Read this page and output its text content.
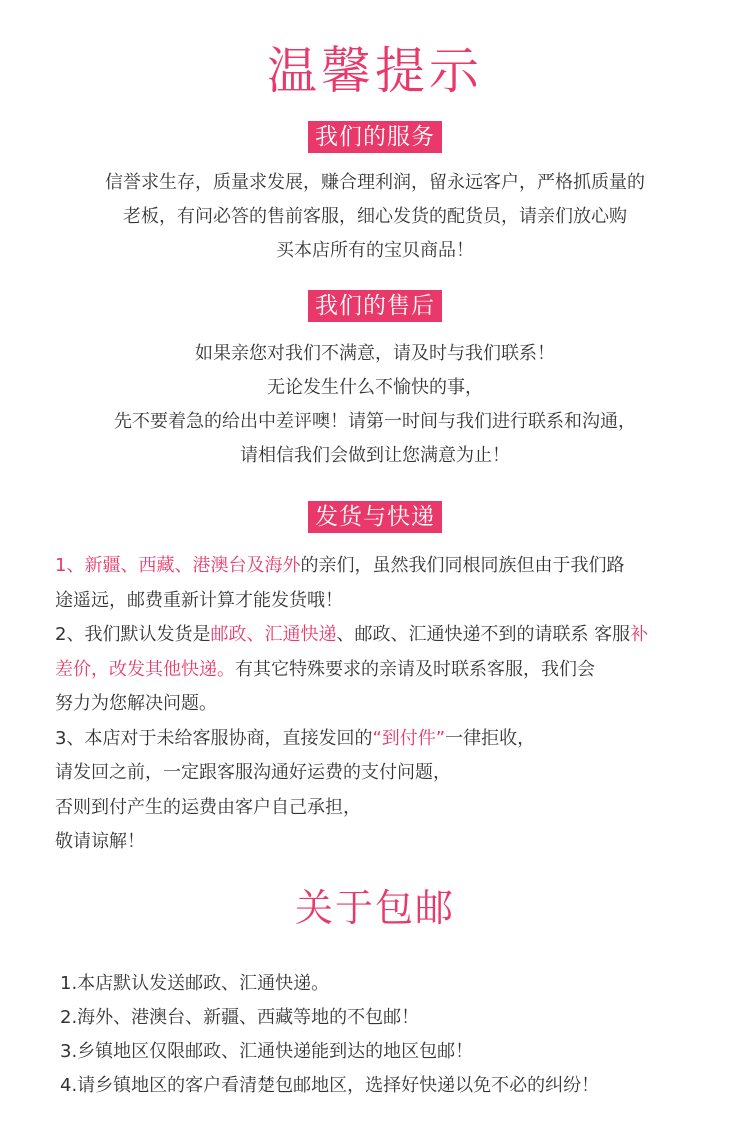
温馨提示
我们的服务
信誉求生存，质量求发展，赚合理利润，留永远客户，严格抓质量的
老板，有问必答的售前客服，细心发货的配货员，请亲们放心购
买本店所有的宝贝商品！
我们的售后
如果亲您对我们不满意，请及时与我们联系！
无论发生什么不愉快的事，
先不要着急的给出中差评噢！请第一时间与我们进行联系和沟通，
请相信我们会做到让您满意为止！
发货与快递
1、新疆、西藏、港澳台及海外的亲们，虽然我们同根同族但由于我们路
途遥远，邮费重新计算才能发货哦！
2、我们默认发货是邮政、汇通快递、邮政、汇通快递不到的请联系 客服补
差价，改发其他快递。有其它特殊要求的亲请及时联系客服，我们会
努力为您解决问题。
3、本店对于未给客服协商，直接发回的“到付件”一律拒收，
请发回之前，一定跟客服沟通好运费的支付问题，
否则到付产生的运费由客户自己承担，
敬请谅解！
关于包邮
1.本店默认发送邮政、汇通快递。
2.海外、港澳台、新疆、西藏等地的不包邮！
3.乡镇地区仅限邮政、汇通快递能到达的地区包邮！
4.请乡镇地区的客户看清楚包邮地区，选择好快递以免不必的纠纷！
